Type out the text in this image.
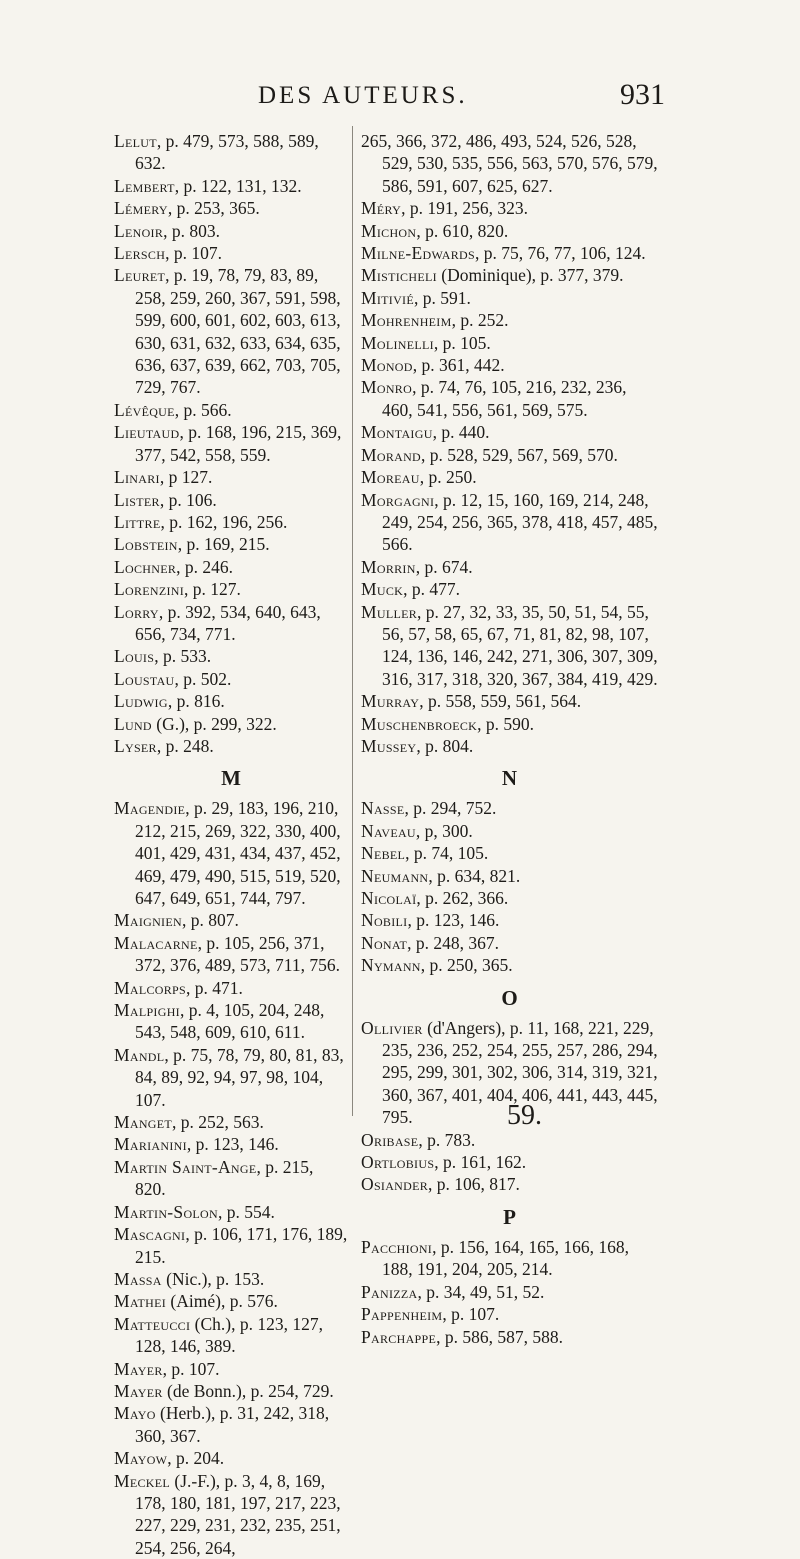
DES AUTEURS.	931
Lelut, p. 479, 573, 588, 589, 632.
Lembert, p. 122, 131, 132.
Lémery, p. 253, 365.
Lenoir, p. 803.
Lersch, p. 107.
Leuret, p. 19, 78, 79, 83, 89, 258, 259, 260, 367, 591, 598, 599, 600, 601, 602, 603, 613, 630, 631, 632, 633, 634, 635, 636, 637, 639, 662, 703, 705, 729, 767.
Lévêque, p. 566.
Lieutaud, p. 168, 196, 215, 369, 377, 542, 558, 559.
Linari, p 127.
Lister, p. 106.
Littre, p. 162, 196, 256.
Lobstein, p. 169, 215.
Lochner, p. 246.
Lorenzini, p. 127.
Lorry, p. 392, 534, 640, 643, 656, 734, 771.
Louis, p. 533.
Loustau, p. 502.
Ludwig, p. 816.
Lund (G.), p. 299, 322.
Lyser, p. 248.
M
Magendie, p. 29, 183, 196, 210, 212, 215, 269, 322, 330, 400, 401, 429, 431, 434, 437, 452, 469, 479, 490, 515, 519, 520, 647, 649, 651, 744, 797.
Maignien, p. 807.
Malacarne, p. 105, 256, 371, 372, 376, 489, 573, 711, 756.
Malcorps, p. 471.
Malpighi, p. 4, 105, 204, 248, 543, 548, 609, 610, 611.
Mandl, p. 75, 78, 79, 80, 81, 83, 84, 89, 92, 94, 97, 98, 104, 107.
Manget, p. 252, 563.
Marianini, p. 123, 146.
Martin Saint-Ange, p. 215, 820.
Martin-Solon, p. 554.
Mascagni, p. 106, 171, 176, 189, 215.
Massa (Nic.), p. 153.
Mathei (Aimé), p. 576.
Matteucci (Ch.), p. 123, 127, 128, 146, 389.
Mayer, p. 107.
Mayer (de Bonn.), p. 254, 729.
Mayo (Herb.), p. 31, 242, 318, 360, 367.
Mayow, p. 204.
Meckel (J.-F.), p. 3, 4, 8, 169, 178, 180, 181, 197, 217, 223, 227, 229, 231, 232, 235, 251, 254, 256, 264,
265, 366, 372, 486, 493, 524, 526, 528, 529, 530, 535, 556, 563, 570, 576, 579, 586, 591, 607, 625, 627.
Méry, p. 191, 256, 323.
Michon, p. 610, 820.
Milne-Edwards, p. 75, 76, 77, 106, 124.
Misticheli (Dominique), p. 377, 379.
Mitivié, p. 591.
Mohrenheim, p. 252.
Molinelli, p. 105.
Monod, p. 361, 442.
Monro, p. 74, 76, 105, 216, 232, 236, 460, 541, 556, 561, 569, 575.
Montaigu, p. 440.
Morand, p. 528, 529, 567, 569, 570.
Moreau, p. 250.
Morgagni, p. 12, 15, 160, 169, 214, 248, 249, 254, 256, 365, 378, 418, 457, 485, 566.
Morrin, p. 674.
Muck, p. 477.
Muller, p. 27, 32, 33, 35, 50, 51, 54, 55, 56, 57, 58, 65, 67, 71, 81, 82, 98, 107, 124, 136, 146, 242, 271, 306, 307, 309, 316, 317, 318, 320, 367, 384, 419, 429.
Murray, p. 558, 559, 561, 564.
Muschenbroeck, p. 590.
Mussey, p. 804.
N
Nasse, p. 294, 752.
Naveau, p, 300.
Nebel, p. 74, 105.
Neumann, p. 634, 821.
Nicolaï, p. 262, 366.
Nobili, p. 123, 146.
Nonat, p. 248, 367.
Nymann, p. 250, 365.
O
Ollivier (d'Angers), p. 11, 168, 221, 229, 235, 236, 252, 254, 255, 257, 286, 294, 295, 299, 301, 302, 306, 314, 319, 321, 360, 367, 401, 404, 406, 441, 443, 445, 795.
Oribase, p. 783.
Ortlobius, p. 161, 162.
Osiander, p. 106, 817.
P
Pacchioni, p. 156, 164, 165, 166, 168, 188, 191, 204, 205, 214.
Panizza, p. 34, 49, 51, 52.
Pappenheim, p. 107.
Parchappe, p. 586, 587, 588.
59.
